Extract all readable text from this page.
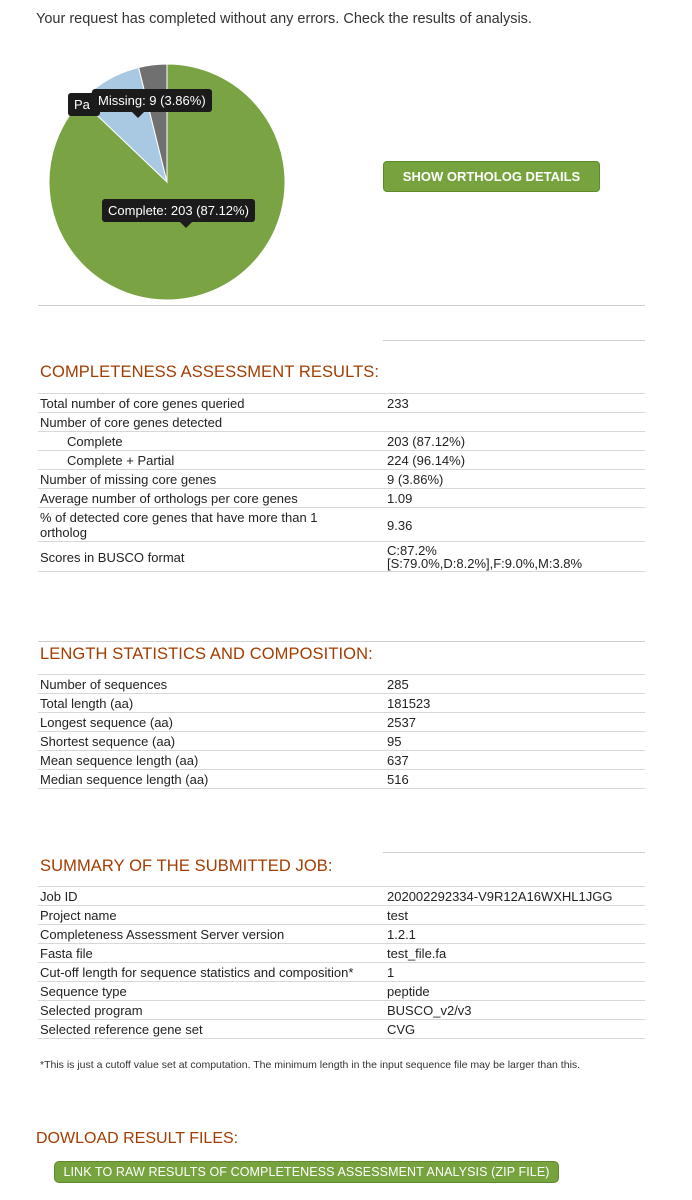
Your request has completed without any errors. Check the results of analysis.
Pa Missing: 9 (3.86%)
Complete: 203 (87.12%)
SHOW ORTHOLOG DETAILS
COMPLETENESS ASSESSMENT RESULTS:
Total number of core genes queried	233
Number of core genes detected	
Complete	203 (87.12%)
Complete + Partial	224 (96.14%)
Number of missing core genes	9 (3.86%)
Average number of orthologs per core genes	1.09
% of detected core genes that have more than 1 ortholog	9.36
Scores in BUSCO format	C:87.2%
[S:79.0%,D:8.2%],F:9.0%,M:3.8%
LENGTH STATISTICS AND COMPOSITION:
Number of sequences	285
Total length (aa)	181523
Longest sequence (aa)	2537
Shortest sequence (aa)	95
Mean sequence length (aa)	637
Median sequence length (aa)	516
SUMMARY OF THE SUBMITTED JOB:
Job ID	202002292334-V9R12A16WXHL1JGG
Project name	test
Completeness Assessment Server version	1.2.1
Fasta file	test_file.fa
Cut-off length for sequence statistics and composition*	1
Sequence type	peptide
Selected program	BUSCO_v2/v3
Selected reference gene set	CVG
*This is just a cutoff value set at computation. The minimum length in the input sequence file may be larger than this.
DOWLOAD RESULT FILES:
LINK TO RAW RESULTS OF COMPLETENESS ASSESSMENT ANALYSIS (ZIP FILE)
